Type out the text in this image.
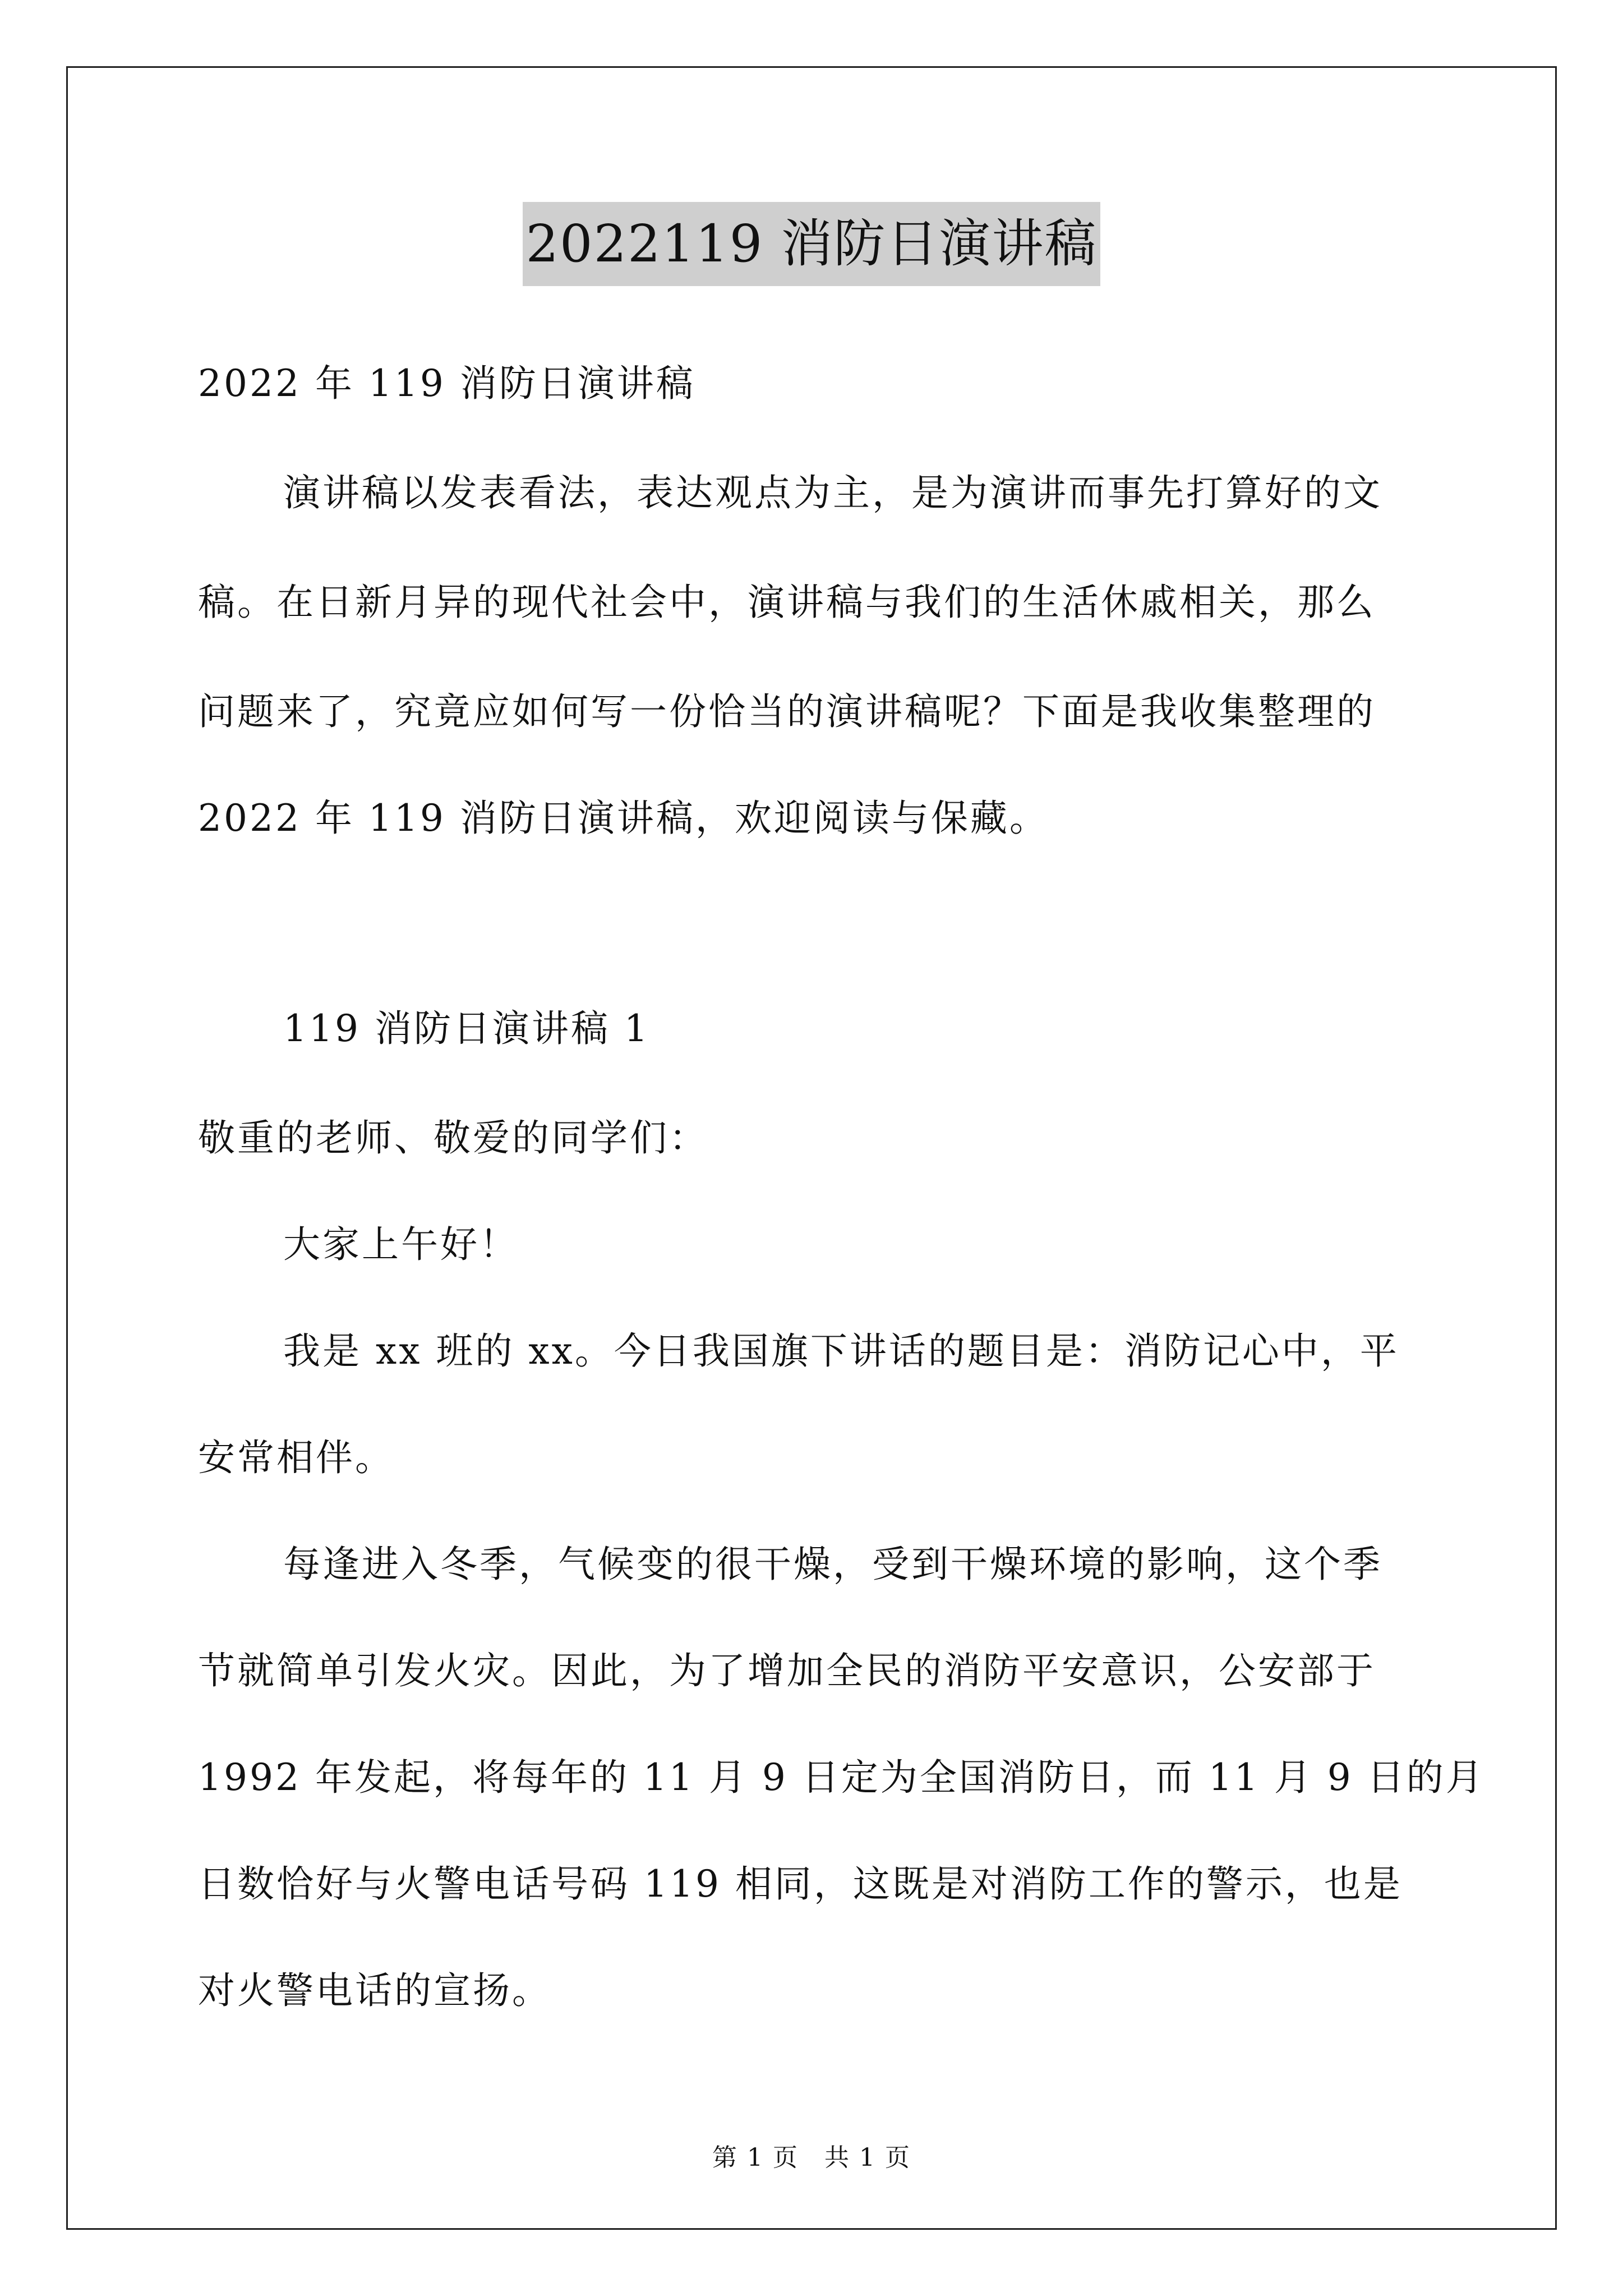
2022119 消防日演讲稿
2022 年 119 消防日演讲稿
演讲稿以发表看法，表达观点为主，是为演讲而事先打算好的文
稿。在日新月异的现代社会中，演讲稿与我们的生活休戚相关，那么
问题来了，究竟应如何写一份恰当的演讲稿呢？下面是我收集整理的
2022 年 119 消防日演讲稿，欢迎阅读与保藏。
119 消防日演讲稿 1
敬重的老师、敬爱的同学们：
大家上午好！
我是 xx 班的 xx。今日我国旗下讲话的题目是：消防记心中，平
安常相伴。
每逢进入冬季，气候变的很干燥，受到干燥环境的影响，这个季
节就简单引发火灾。因此，为了增加全民的消防平安意识，公安部于
1992 年发起，将每年的 11 月 9 日定为全国消防日，而 11 月 9 日的月
日数恰好与火警电话号码 119 相同，这既是对消防工作的警示，也是
对火警电话的宣扬。
第 1 页　共 1 页
